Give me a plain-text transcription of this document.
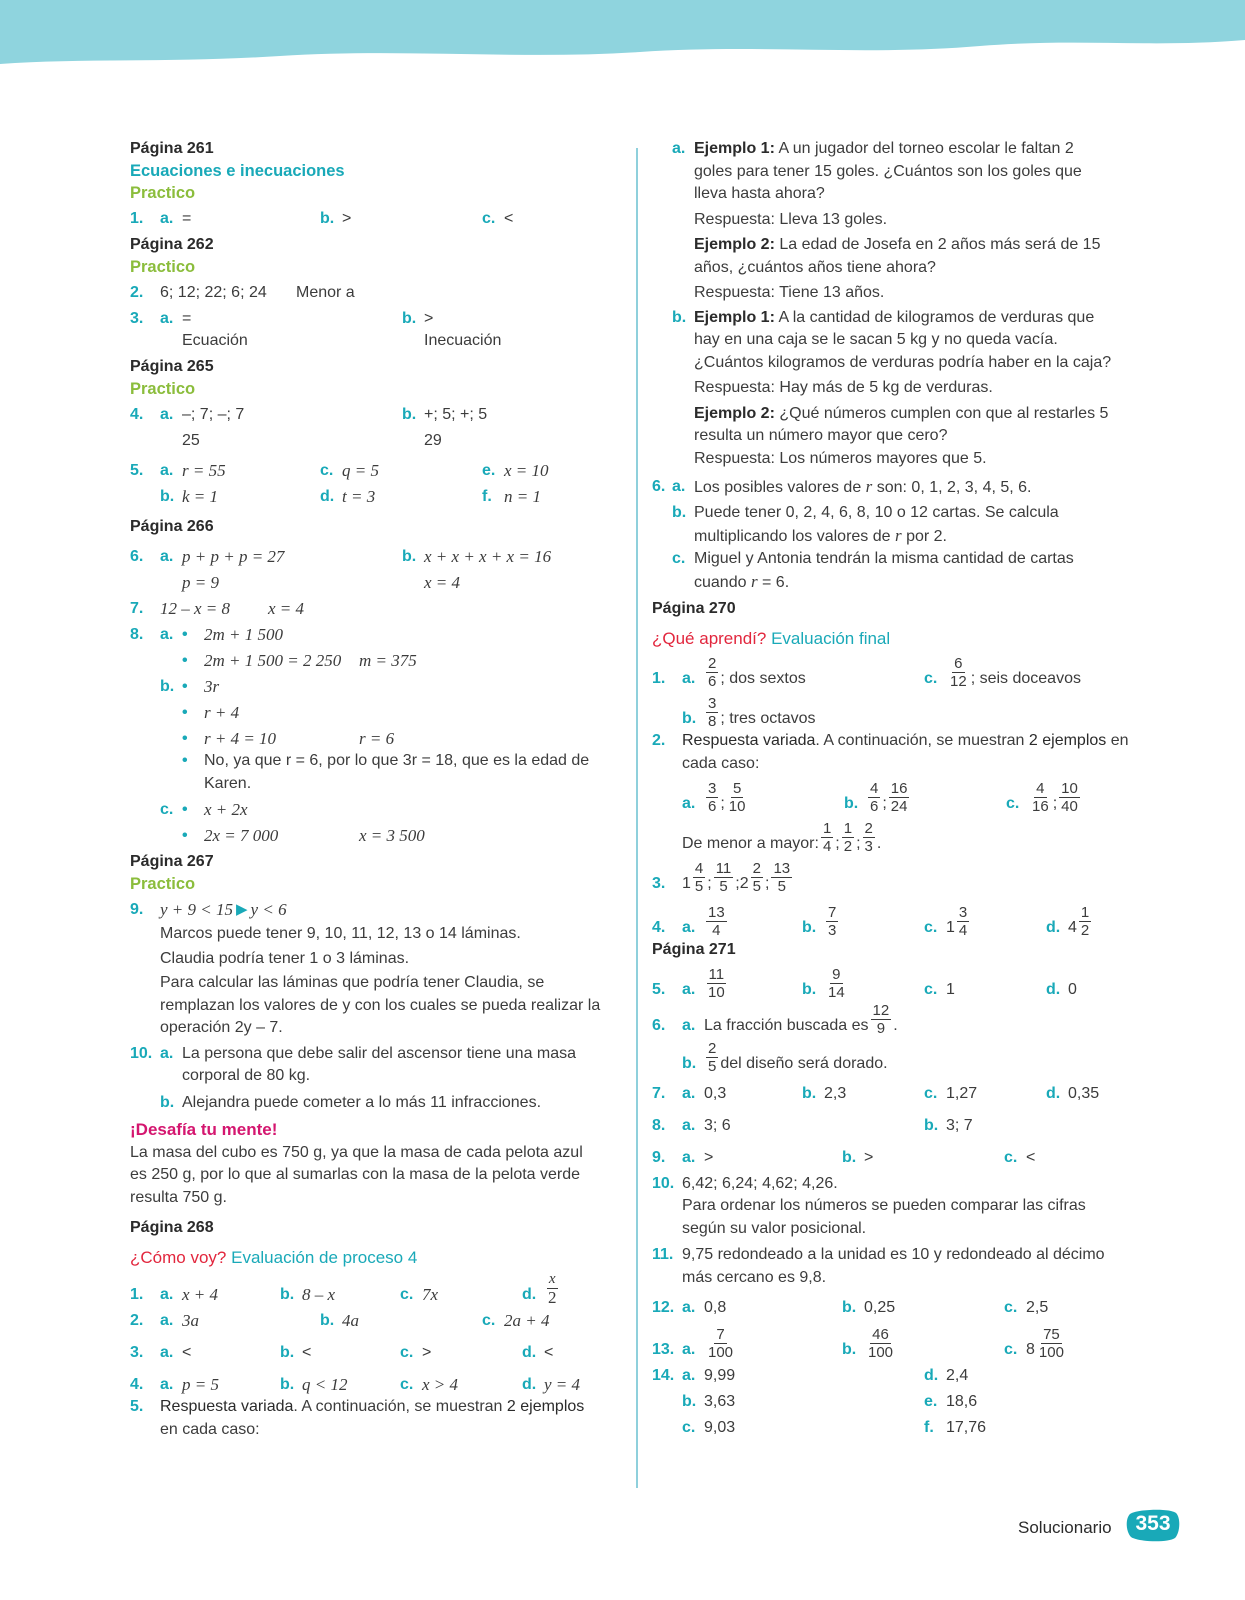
Página 261
Ecuaciones e inecuaciones
Practico
1.	a. =	b. >	c. <
Página 262
Practico
2.	6; 12; 22; 6; 24	Menor a
3.	a. =	b. >
Ecuación	Inecuación
Página 265
Practico
4.	a. –; 7; –; 7	b. +; 5; +; 5
25	29
5.	a. r = 55	c. q = 5	e. x = 10
b. k = 1	d. t = 3	f. n = 1
Página 266
6.	a. p + p + p = 27	b. x + x + x + x = 16
p = 9	x = 4
7. 12 – x = 8	x = 4
8.	a. • 2m + 1 500
• 2m + 1 500 = 2 250	m = 375
b. • 3r
• r + 4
• r + 4 = 10	r = 6
•	No, ya que r = 6, por lo que 3r = 18, que es la edad de Karen.
c. • x + 2x
• 2x = 7 000	x = 3 500
Página 267
Practico
9. y + 9 < 15 ▶ y < 6
Marcos puede tener 9, 10, 11, 12, 13 o 14 láminas.
Claudia podría tener 1 o 3 láminas.
Para calcular las láminas que podría tener Claudia, se remplazan los valores de y con los cuales se pueda realizar la operación 2y – 7.
10. a. La persona que debe salir del ascensor tiene una masa corporal de 80 kg.
b. Alejandra puede cometer a lo más 11 infracciones.
¡Desafía tu mente!
La masa del cubo es 750 g, ya que la masa de cada pelota azul es 250 g, por lo que al sumarlas con la masa de la pelota verde resulta 750 g.
Página 268
¿Cómo voy? Evaluación de proceso 4
1.	a. x + 4	b. 8 – x	c. 7x	d. $\frac{x}{2}$
2.	a. 3a	b. 4a	c. 2a + 4
3.	a. <	b. <	c. >	d. <
4.	a. p = 5	b. q < 12	c. x > 4	d. y = 4
5.	Respuesta variada. A continuación, se muestran 2 ejemplos en cada caso:
a. Ejemplo 1: A un jugador del torneo escolar le faltan 2 goles para tener 15 goles. ¿Cuántos son los goles que lleva hasta ahora?
Respuesta: Lleva 13 goles.
Ejemplo 2: La edad de Josefa en 2 años más será de 15 años, ¿cuántos años tiene ahora?
Respuesta: Tiene 13 años.
b. Ejemplo 1: A la cantidad de kilogramos de verduras que hay en una caja se le sacan 5 kg y no queda vacía. ¿Cuántos kilogramos de verduras podría haber en la caja?
Respuesta: Hay más de 5 kg de verduras.
Ejemplo 2: ¿Qué números cumplen con que al restarles 5 resulta un número mayor que cero?
Respuesta: Los números mayores que 5.
6. a. Los posibles valores de r son: 0, 1, 2, 3, 4, 5, 6.
b. Puede tener 0, 2, 4, 6, 8, 10 o 12 cartas. Se calcula multiplicando los valores de r por 2.
c. Miguel y Antonia tendrán la misma cantidad de cartas cuando r = 6.
Página 270
¿Qué aprendí? Evaluación final
1.	a. $\frac{2}{6}$ ; dos sextos	c. $\frac{6}{12}$ ; seis doceavos
b. $\frac{3}{8}$ ; tres octavos
2.	Respuesta variada. A continuación, se muestran 2 ejemplos en cada caso:
a. $\frac{3}{6}$ ; $\frac{5}{10}$	b. $\frac{4}{6}$ ; $\frac{16}{24}$	c. $\frac{4}{16}$ ; $\frac{10}{40}$
De menor a mayor: $\frac{1}{4}$ ; $\frac{1}{2}$ ; $\frac{2}{3}$ .
3.	$1 \frac{4}{5}$ ; $\frac{11}{5}$ ; $2 \frac{2}{5}$ ; $\frac{13}{5}$
4.	a. $\frac{13}{4}$	b. $\frac{7}{3}$	c. $1 \frac{3}{4}$	d. $4 \frac{1}{2}$
Página 271
5.	a. $\frac{11}{10}$	b. $\frac{9}{14}$	c. 1	d. 0
6.	a. La fracción buscada es $\frac{12}{9}$ .
b. $\frac{2}{5}$ del diseño será dorado.
7.	a. 0,3	b. 2,3	c. 1,27	d. 0,35
8.	a. 3; 6	b. 3; 7
9.	a. >	b. >	c. <
10. 6,42; 6,24; 4,62; 4,26.
Para ordenar los números se pueden comparar las cifras según su valor posicional.
11. 9,75 redondeado a la unidad es 10 y redondeado al décimo más cercano es 9,8.
12. a. 0,8	b. 0,25	c. 2,5
13. a. $\frac{7}{100}$	b. $\frac{46}{100}$	c. $8 \frac{75}{100}$
14. a. 9,99	d. 2,4
b. 3,63	e. 18,6
c. 9,03	f. 17,76
Solucionario	353
